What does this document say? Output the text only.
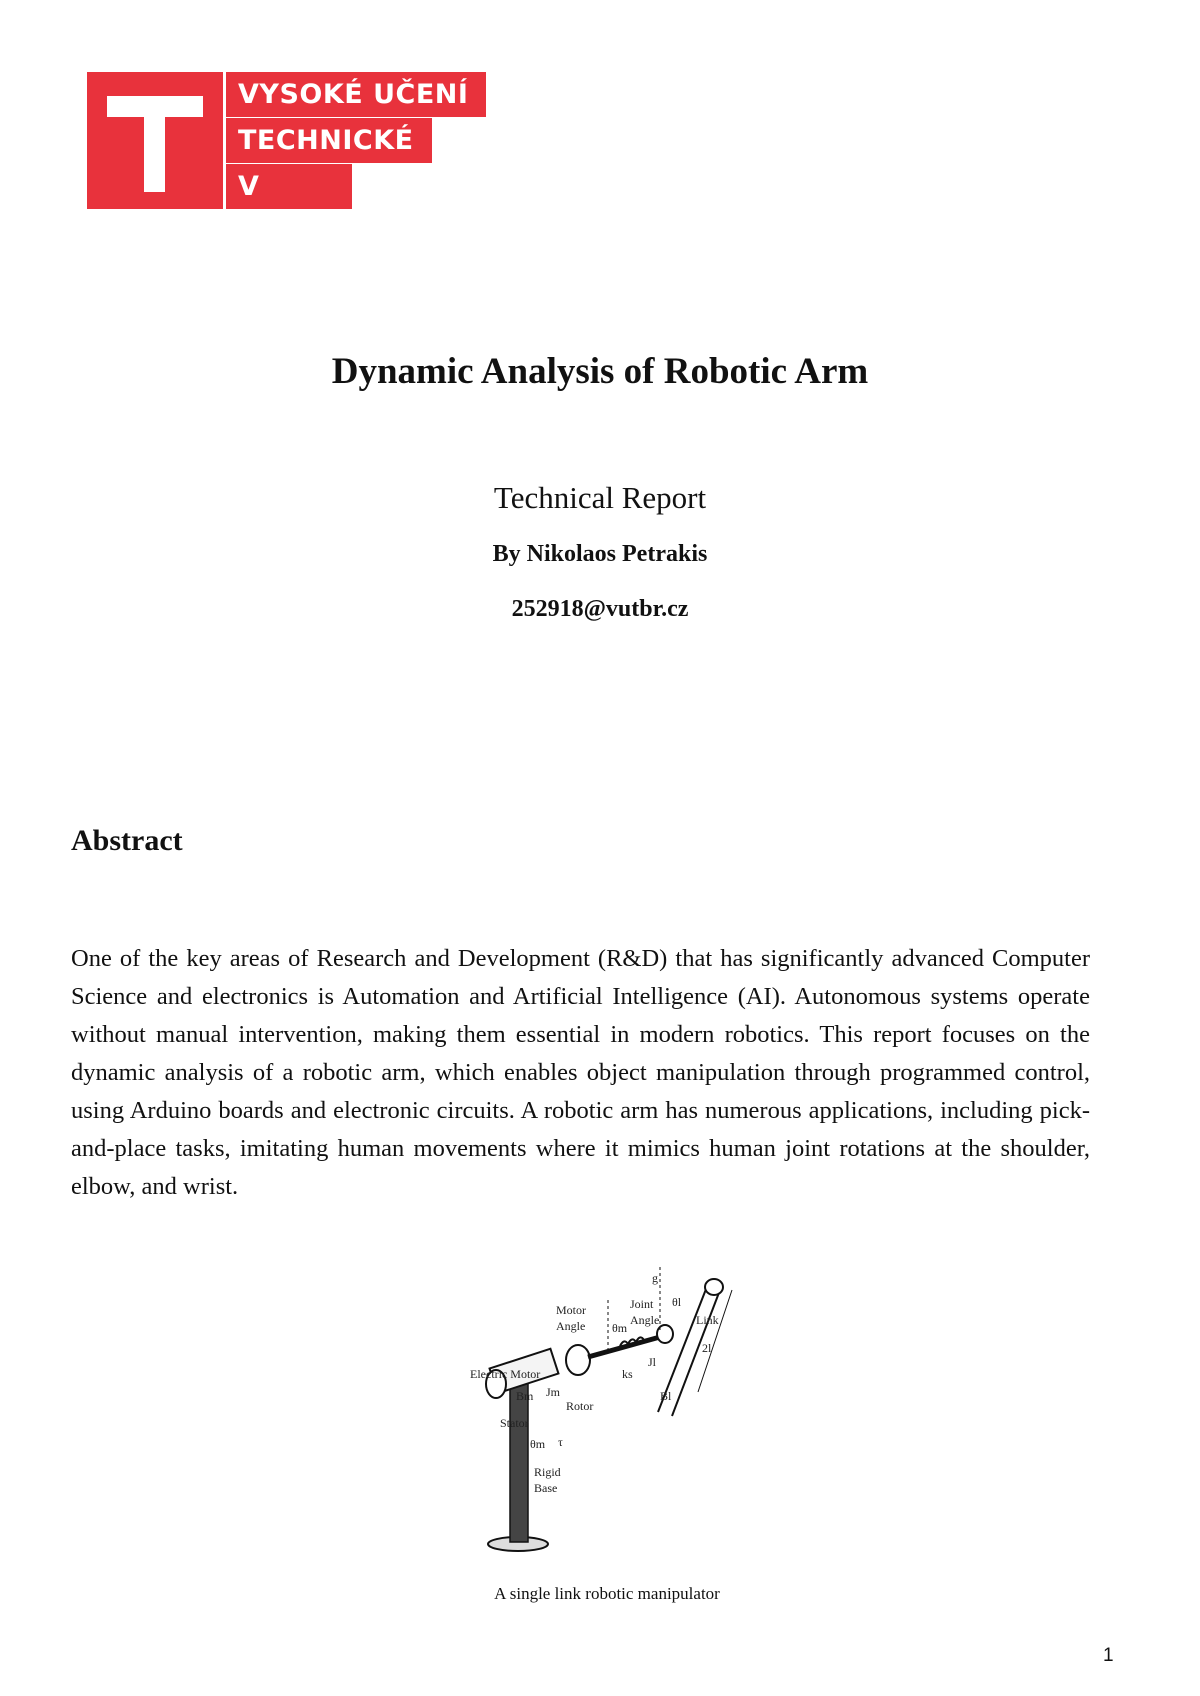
VYSOKÉ UČENÍ
TECHNICKÉ
V BRNĚ
Dynamic Analysis of Robotic Arm
Technical Report
By Nikolaos Petrakis
252918@vutbr.cz
Abstract

One of the key areas of Research and Development (R&D) that has significantly advanced Computer Science and electronics is Automation and Artificial Intelligence (AI). Autonomous systems operate without manual intervention, making them essential in modern robotics. This report focuses on the dynamic analysis of a robotic arm, which enables object manipulation through programmed control, using Arduino boards and electronic circuits. A robotic arm has numerous applications, including pick-and-place tasks, imitating human movements where it mimics human joint rotations at the shoulder, elbow, and wrist.

g
θl
Motor
Angle
Joint
Angle	Link
2l
θm
Jl
ks
Electric Motor
Bm Jm
Rotor
Bl
Stator
θm τ
Rigid
Base
A single link robotic manipulator
1
